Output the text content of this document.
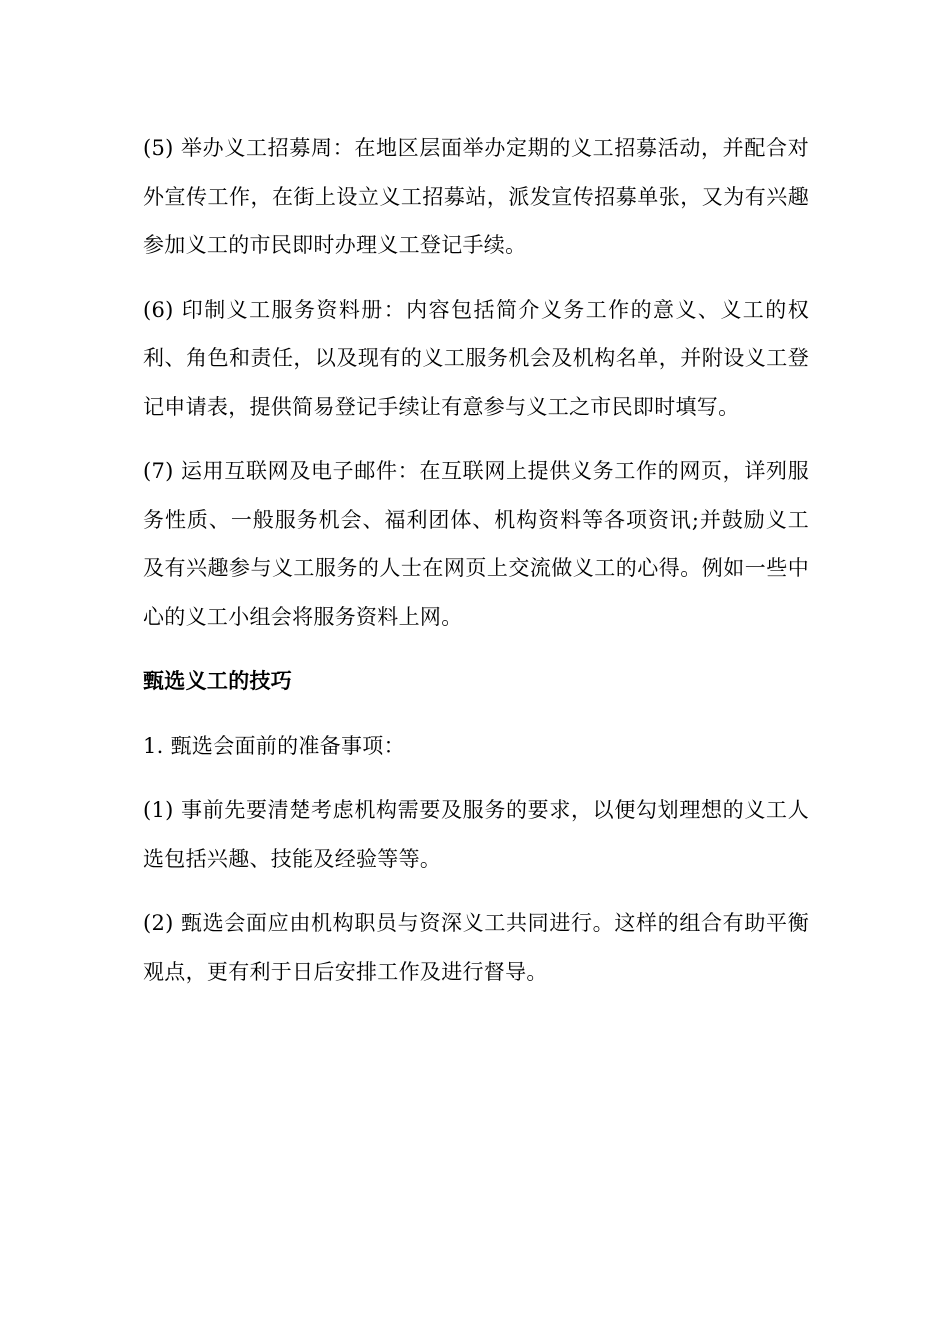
(5) 举办义工招募周：在地区层面举办定期的义工招募活动，并配合对外宣传工作，在街上设立义工招募站，派发宣传招募单张，又为有兴趣参加义工的市民即时办理义工登记手续。

(6) 印制义工服务资料册：内容包括简介义务工作的意义、义工的权利、角色和责任，以及现有的义工服务机会及机构名单，并附设义工登记申请表，提供简易登记手续让有意参与义工之市民即时填写。

(7) 运用互联网及电子邮件：在互联网上提供义务工作的网页，详列服务性质、一般服务机会、福利团体、机构资料等各项资讯;并鼓励义工及有兴趣参与义工服务的人士在网页上交流做义工的心得。例如一些中心的义工小组会将服务资料上网。

甄选义工的技巧

1. 甄选会面前的准备事项：

(1) 事前先要清楚考虑机构需要及服务的要求，以便勾划理想的义工人选包括兴趣、技能及经验等等。

(2) 甄选会面应由机构职员与资深义工共同进行。这样的组合有助平衡观点，更有利于日后安排工作及进行督导。
